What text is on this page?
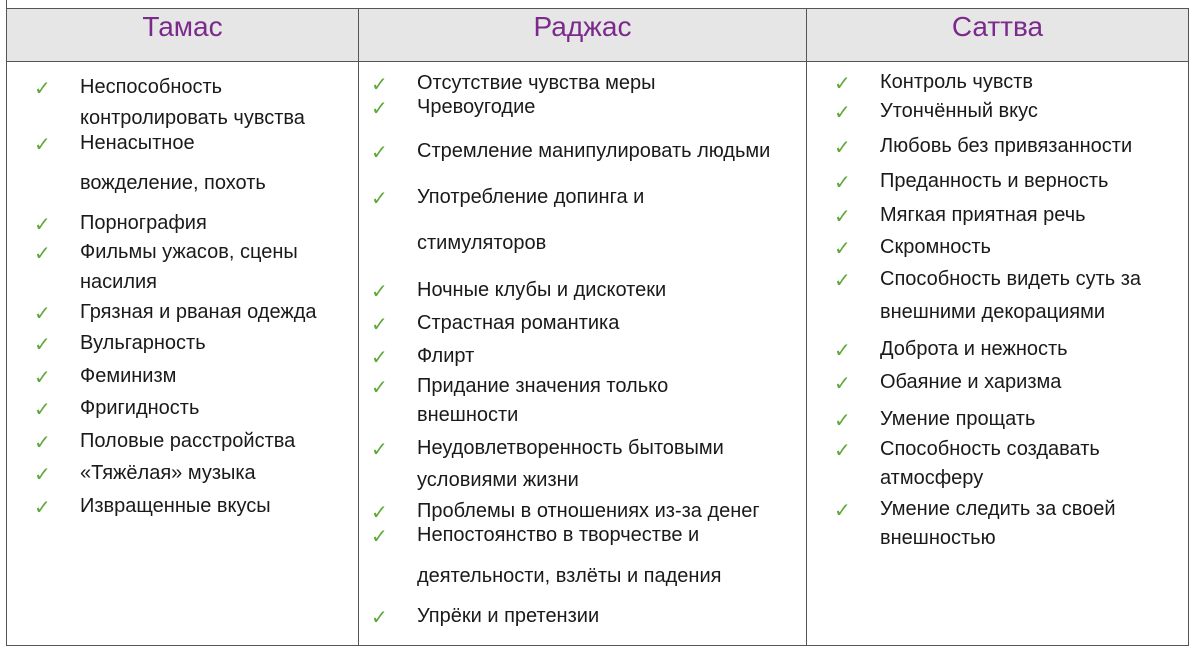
Тамас	Раджас	Саттва
✓ Неспособность
контролировать чувства
✓ Ненасытное
вожделение, похоть
✓ Порнография
✓ Фильмы ужасов, сцены
насилия
✓ Грязная и рваная одежда
✓ Вульгарность
✓ Феминизм
✓ Фригидность
✓ Половые расстройства
✓ «Тяжёлая» музыка
✓ Извращенные вкусы
✓ Отсутствие чувства меры
✓ Чревоугодие
✓ Стремление манипулировать людьми
✓ Употребление допинга и
стимуляторов
✓ Ночные клубы и дискотеки
✓ Страстная романтика
✓ Флирт
✓ Придание значения только
внешности
✓ Неудовлетворенность бытовыми
условиями жизни
✓ Проблемы в отношениях из-за денег
✓ Непостоянство в творчестве и
деятельности, взлёты и падения
✓ Упрёки и претензии
✓ Контроль чувств
✓ Утончённый вкус
✓ Любовь без привязанности
✓ Преданность и верность
✓ Мягкая приятная речь
✓ Скромность
✓ Способность видеть суть за
внешними декорациями
✓ Доброта и нежность
✓ Обаяние и харизма
✓ Умение прощать
✓ Способность создавать
атмосферу
✓ Умение следить за своей
внешностью
